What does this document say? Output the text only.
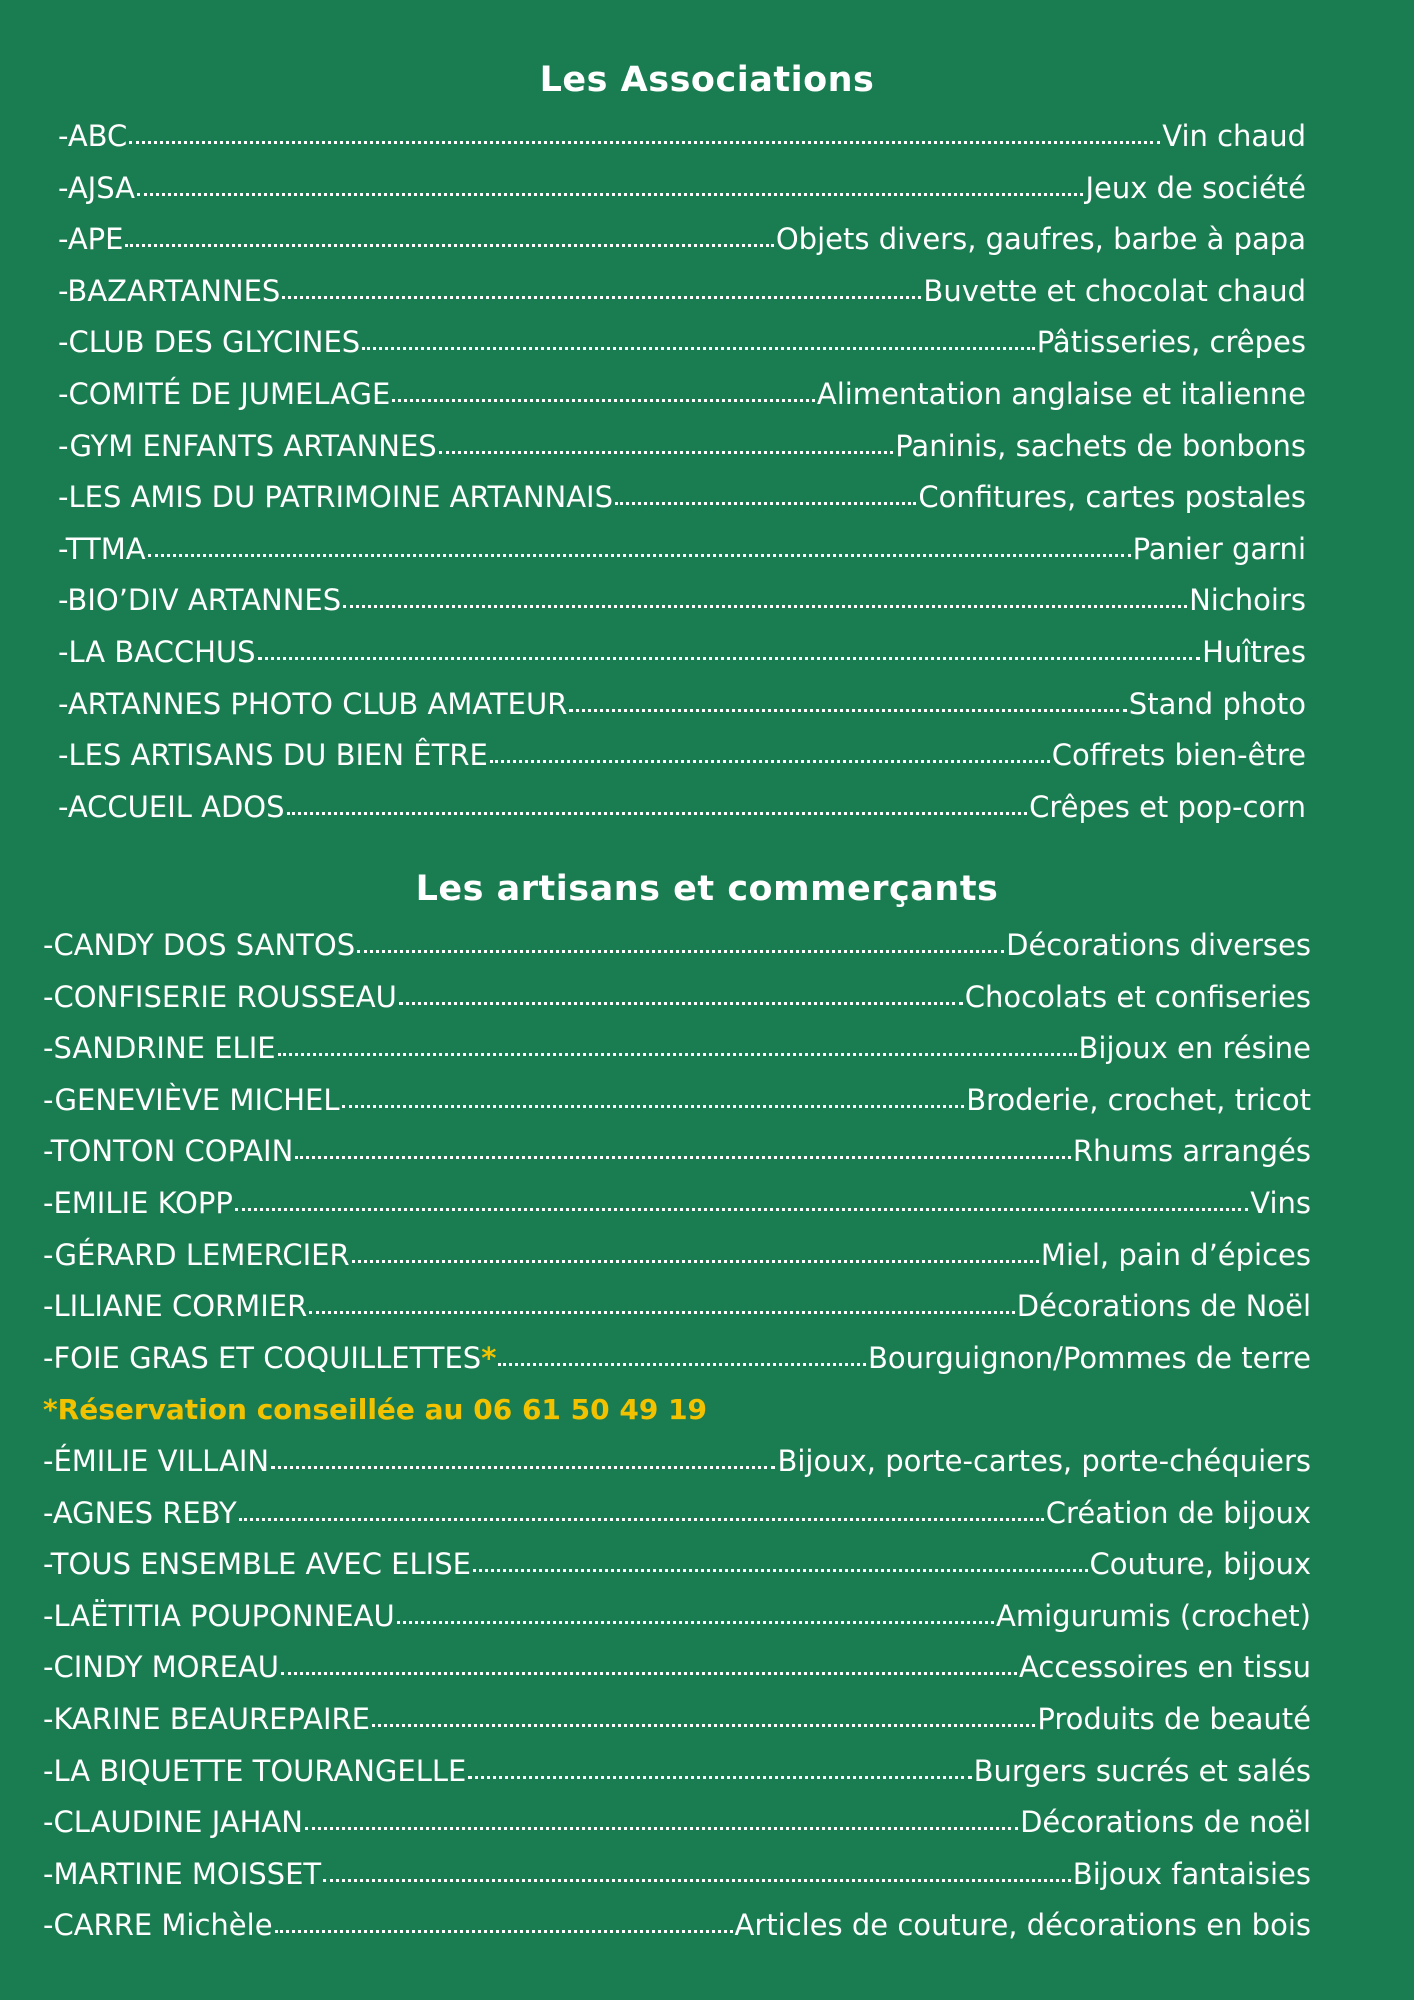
Les Associations
-ABC	Vin chaud
-AJSA	Jeux de société
-APE	Objets divers, gaufres, barbe à papa
-BAZARTANNES	Buvette et chocolat chaud
-CLUB DES GLYCINES	Pâtisseries, crêpes
-COMITÉ DE JUMELAGE	Alimentation anglaise et italienne
-GYM ENFANTS ARTANNES	Paninis, sachets de bonbons
-LES AMIS DU PATRIMOINE ARTANNAIS	Confitures, cartes postales
-TTMA	Panier garni
-BIO’DIV ARTANNES	Nichoirs
-LA BACCHUS	Huîtres
-ARTANNES PHOTO CLUB AMATEUR	Stand photo
-LES ARTISANS DU BIEN ÊTRE	Coffrets bien-être
-ACCUEIL ADOS	Crêpes et pop-corn
Les artisans et commerçants
-CANDY DOS SANTOS	Décorations diverses
-CONFISERIE ROUSSEAU	Chocolats et confiseries
-SANDRINE ELIE	Bijoux en résine
-GENEVIÈVE MICHEL	Broderie, crochet, tricot
-TONTON COPAIN	Rhums arrangés
-EMILIE KOPP	Vins
-GÉRARD LEMERCIER	Miel, pain d’épices
-LILIANE CORMIER	Décorations de Noël
-FOIE GRAS ET COQUILLETTES *	Bourguignon/Pommes de terre
*Réservation conseillée au 06 61 50 49 19
-ÉMILIE VILLAIN	Bijoux, porte-cartes, porte-chéquiers
-AGNES REBY	Création de bijoux
-TOUS ENSEMBLE AVEC ELISE	Couture, bijoux
-LAËTITIA POUPONNEAU	Amigurumis (crochet)
-CINDY MOREAU	Accessoires en tissu
-KARINE BEAUREPAIRE	Produits de beauté
-LA BIQUETTE TOURANGELLE	Burgers sucrés et salés
-CLAUDINE JAHAN	Décorations de noël
-MARTINE MOISSET	Bijoux fantaisies
-CARRE Michèle	Articles de couture, décorations en bois
